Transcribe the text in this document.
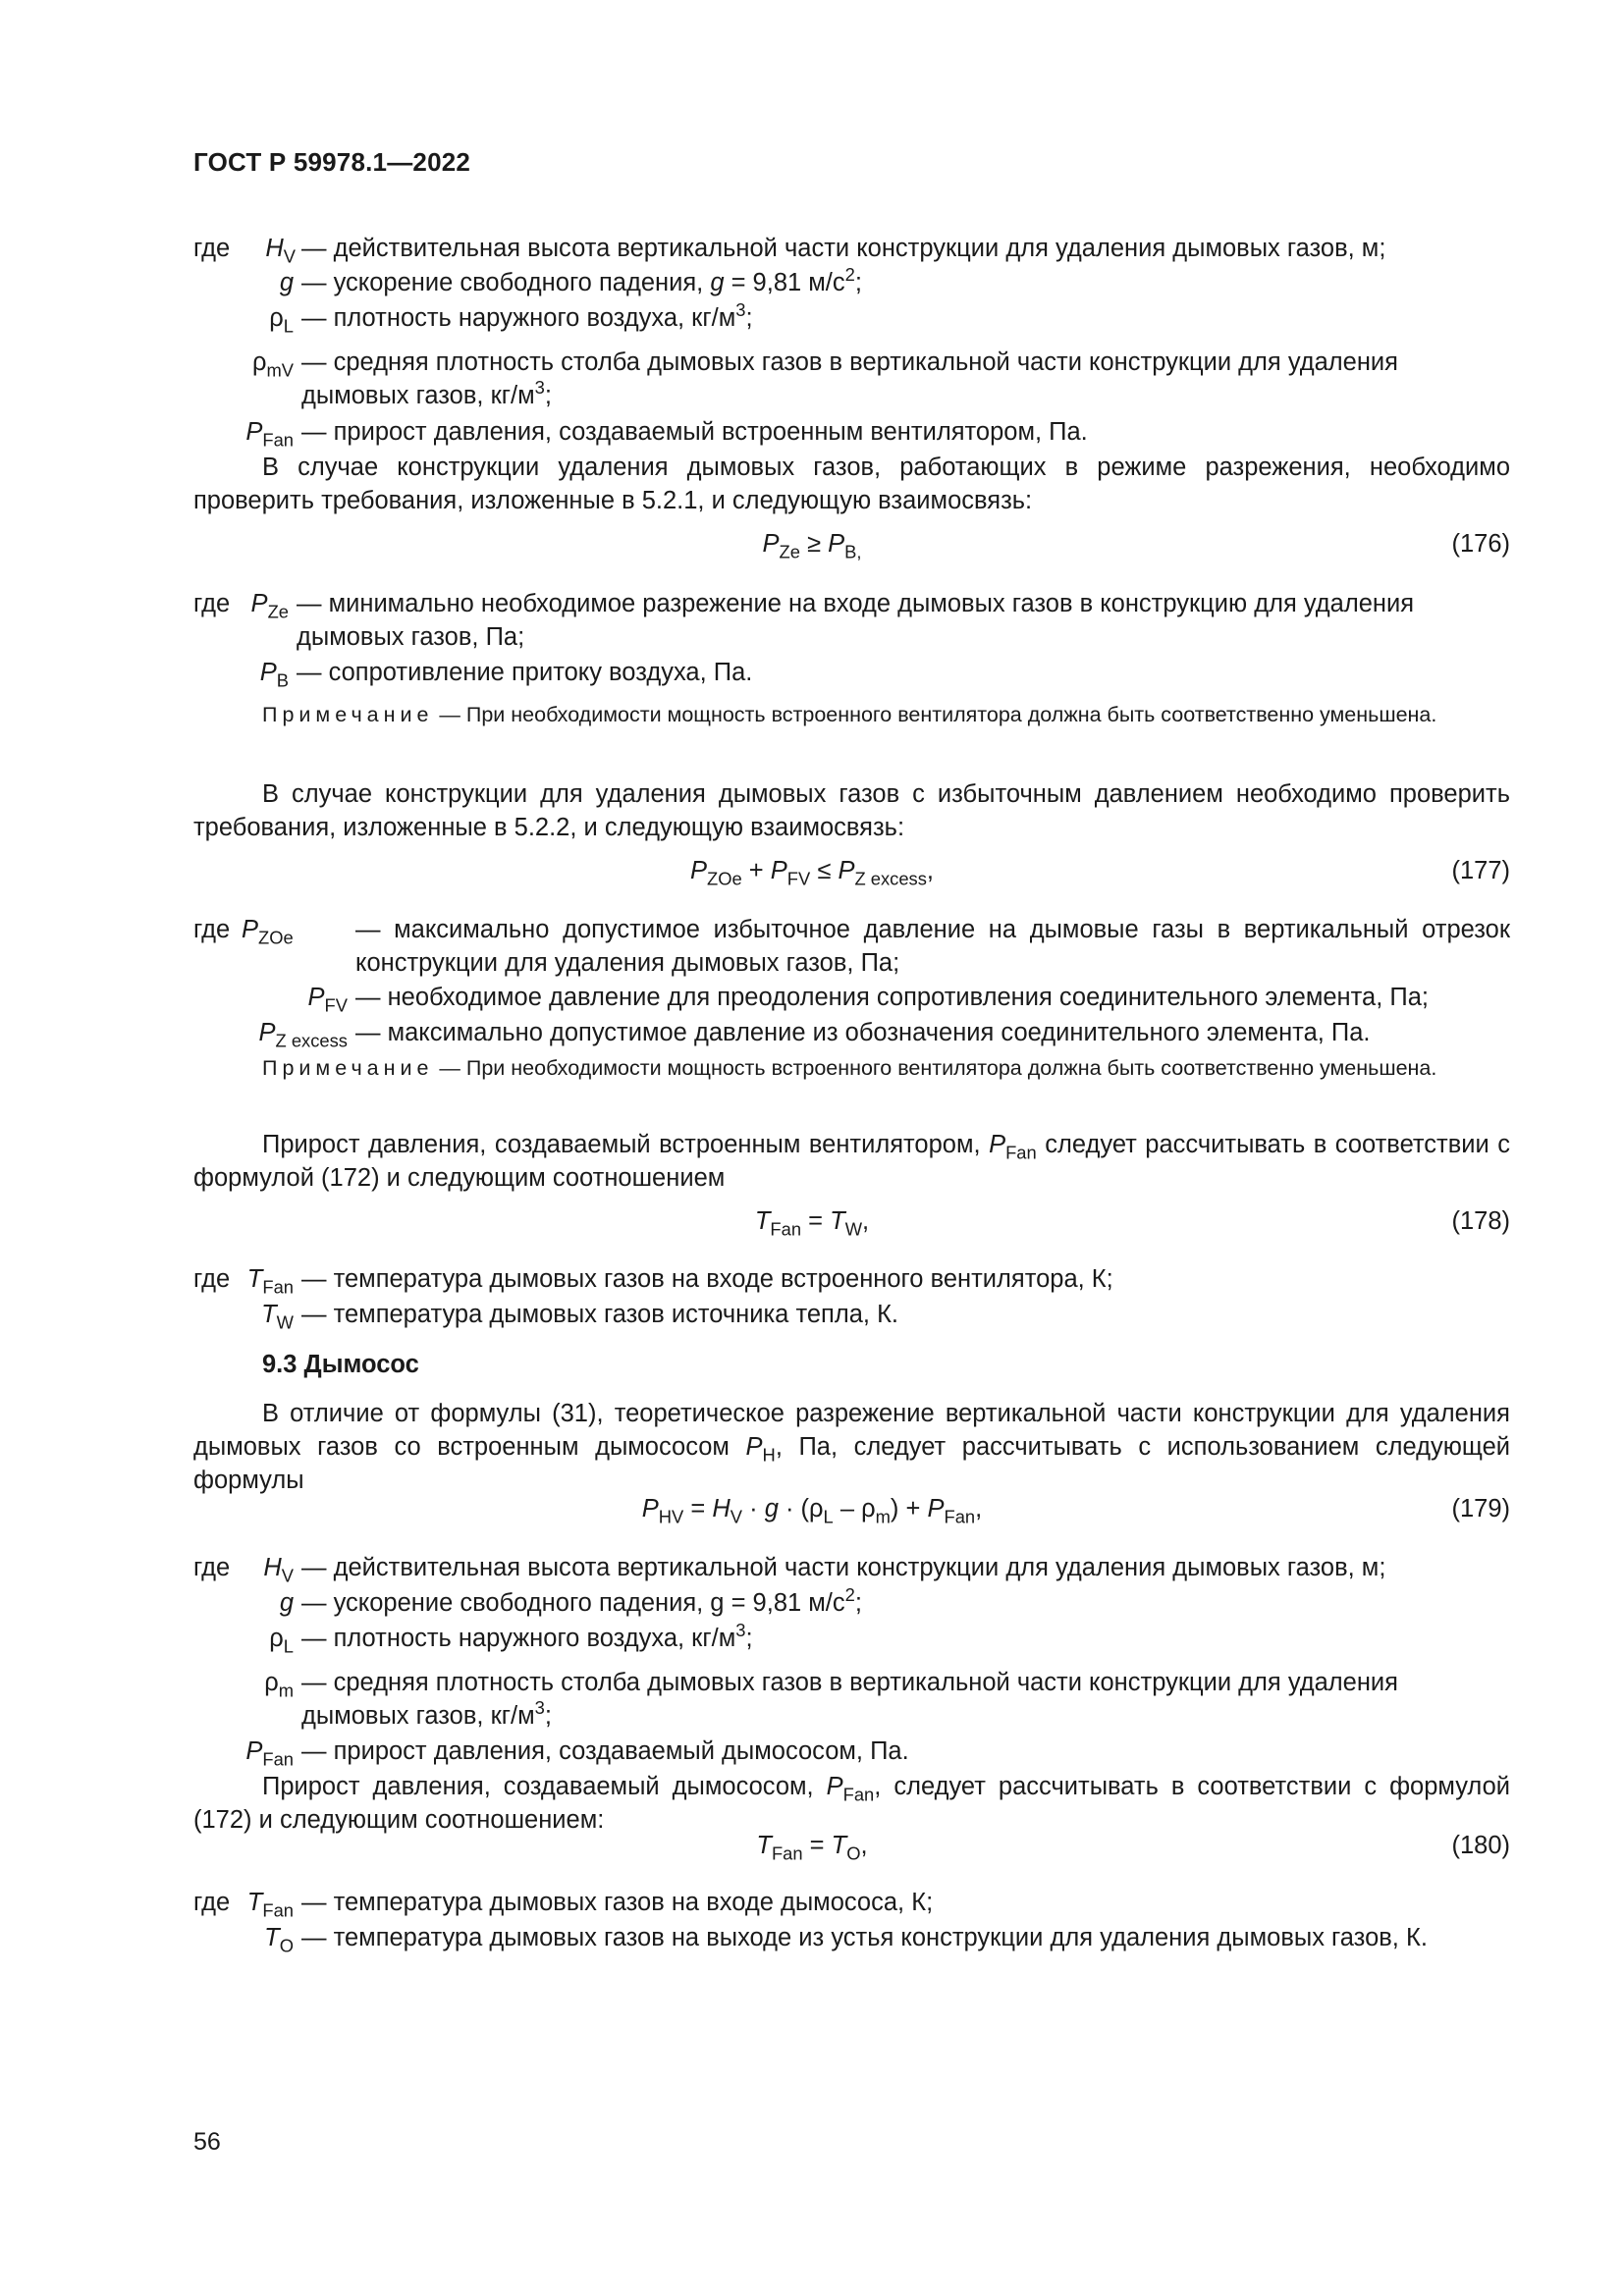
ГОСТ Р 59978.1—2022
где $H_V$ — действительная высота вертикальной части конструкции для удаления дымовых газов, м;
g — ускорение свободного падения, g = 9,81 $м/с^2$;
$\rho_L$ — плотность наружного воздуха, $кг/м^3$;
$\rho_{mV}$ — средняя плотность столба дымовых газов в вертикальной части конструкции для удаления дымовых газов, $кг/м^3$;
$P_{Fan}$ — прирост давления, создаваемый встроенным вентилятором, Па.
В случае конструкции удаления дымовых газов, работающих в режиме разрежения, необходимо проверить требования, изложенные в 5.2.1, и следующую взаимосвязь:
$P_{Ze} \ge P_{B,}$	(176)
где $P_{Ze}$ — минимально необходимое разрежение на входе дымовых газов в конструкцию для удаления дымовых газов, Па;
$P_B$ — сопротивление притоку воздуха, Па.
Примечание — При необходимости мощность встроенного вентилятора должна быть соответственно уменьшена.
В случае конструкции для удаления дымовых газов с избыточным давлением необходимо проверить требования, изложенные в 5.2.2, и следующую взаимосвязь:
$P_{ZOe} + P_{FV} \le P_{Z excess}$,	(177)
где $P_{ZOe}$	— максимально допустимое избыточное давление на дымовые газы в вертикальный отрезок конструкции для удаления дымовых газов, Па;
$P_{FV}$ — необходимое давление для преодоления сопротивления соединительного элемента, Па;
$P_{Z excess}$ — максимально допустимое давление из обозначения соединительного элемента, Па.
Примечание — При необходимости мощность встроенного вентилятора должна быть соответственно уменьшена.
Прирост давления, создаваемый встроенным вентилятором, $P_{Fan}$ следует рассчитывать в соответствии с формулой (172) и следующим соотношением
$T_{Fan} = T_W$,	(178)
где $T_{Fan}$ — температура дымовых газов на входе встроенного вентилятора, К;
$T_W$ — температура дымовых газов источника тепла, К.
9.3 Дымосос
В отличие от формулы (31), теоретическое разрежение вертикальной части конструкции для удаления дымовых газов со встроенным дымососом $P_H$, Па, следует рассчитывать с использованием следующей формулы
$P_{HV} = H_V \cdot g \cdot (\rho_L - \rho_m) + P_{Fan}$,	(179)
где $H_V$ — действительная высота вертикальной части конструкции для удаления дымовых газов, м;
g — ускорение свободного падения, g = 9,81 $м/с^2$;
$\rho_L$ — плотность наружного воздуха, $кг/м^3$;
$\rho_m$ — средняя плотность столба дымовых газов в вертикальной части конструкции для удаления дымовых газов, $кг/м^3$;
$P_{Fan}$ — прирост давления, создаваемый дымососом, Па.
Прирост давления, создаваемый дымососом, $P_{Fan}$, следует рассчитывать в соответствии с формулой (172) и следующим соотношением:
$T_{Fan} = T_O$,	(180)
где $T_{Fan}$ — температура дымовых газов на входе дымососа, К;
$T_O$ — температура дымовых газов на выходе из устья конструкции для удаления дымовых газов, К.
56
